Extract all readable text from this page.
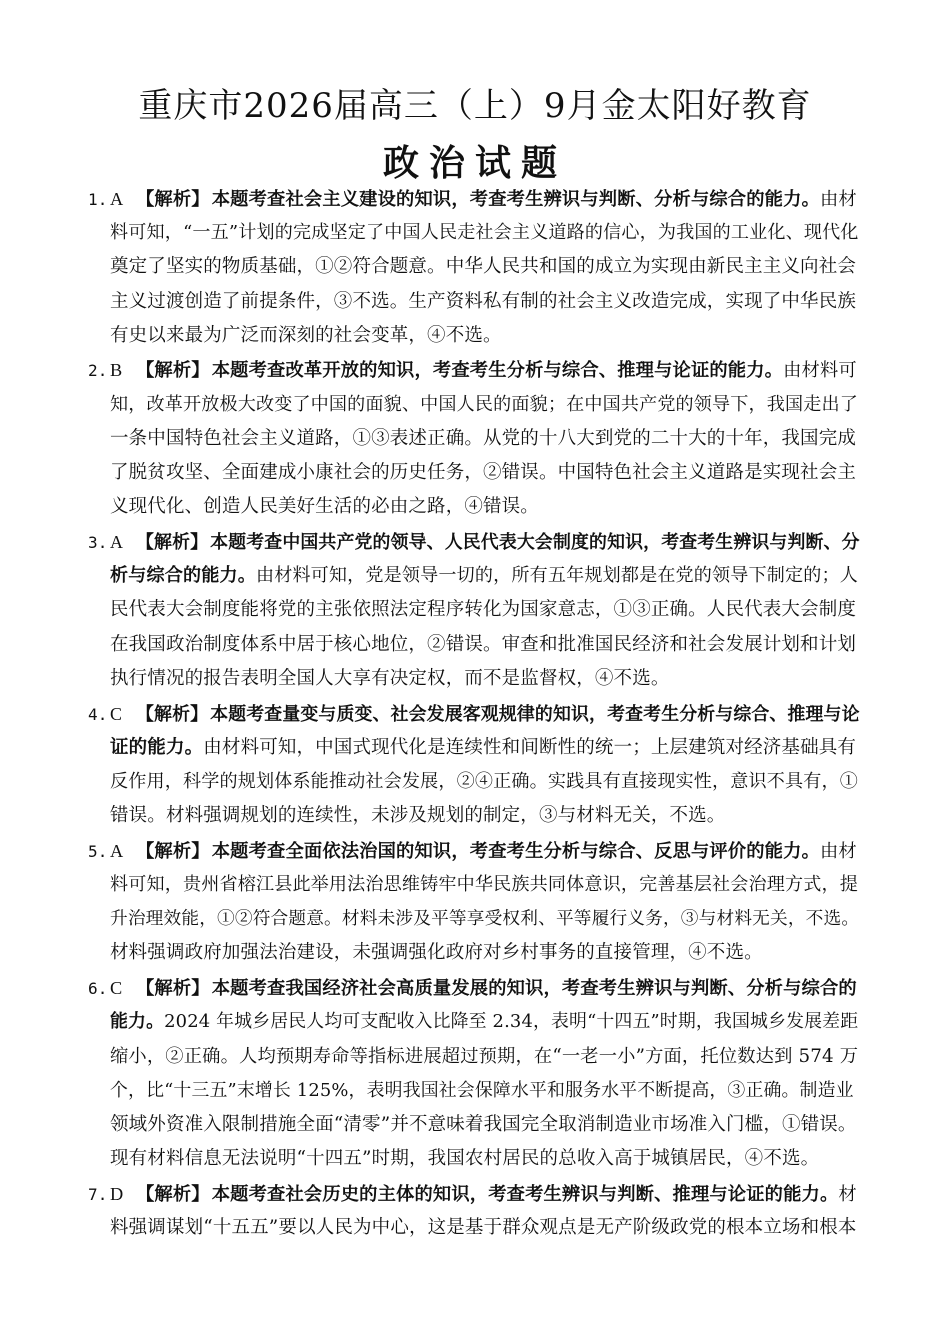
重庆市2026届高三（上）9月金太阳好教育
政治试题
1. A 【解析】 本题考查社会主义建设的知识，考查考生辨识与判断、分析与综合的能力。由材
料可知，“一五”计划的完成坚定了中国人民走社会主义道路的信心，为我国的工业化、现代化
奠定了坚实的物质基础，①②符合题意。中华人民共和国的成立为实现由新民主主义向社会
主义过渡创造了前提条件，③不选。生产资料私有制的社会主义改造完成，实现了中华民族
有史以来最为广泛而深刻的社会变革，④不选。
2. B 【解析】 本题考查改革开放的知识，考查考生分析与综合、推理与论证的能力。由材料可
知，改革开放极大改变了中国的面貌、中国人民的面貌；在中国共产党的领导下，我国走出了
一条中国特色社会主义道路，①③表述正确。从党的十八大到党的二十大的十年，我国完成
了脱贫攻坚、全面建成小康社会的历史任务，②错误。中国特色社会主义道路是实现社会主
义现代化、创造人民美好生活的必由之路，④错误。
3. A 【解析】 本题考查中国共产党的领导、人民代表大会制度的知识，考查考生辨识与判断、分
析与综合的能力。由材料可知，党是领导一切的，所有五年规划都是在党的领导下制定的；人
民代表大会制度能将党的主张依照法定程序转化为国家意志，①③正确。人民代表大会制度
在我国政治制度体系中居于核心地位，②错误。审查和批准国民经济和社会发展计划和计划
执行情况的报告表明全国人大享有决定权，而不是监督权，④不选。
4. C 【解析】 本题考查量变与质变、社会发展客观规律的知识，考查考生分析与综合、推理与论
证的能力。由材料可知，中国式现代化是连续性和间断性的统一；上层建筑对经济基础具有
反作用，科学的规划体系能推动社会发展，②④正确。实践具有直接现实性，意识不具有，①
错误。材料强调规划的连续性，未涉及规划的制定，③与材料无关，不选。
5. A 【解析】 本题考查全面依法治国的知识，考查考生分析与综合、反思与评价的能力。由材
料可知，贵州省榕江县此举用法治思维铸牢中华民族共同体意识，完善基层社会治理方式，提
升治理效能，①②符合题意。材料未涉及平等享受权利、平等履行义务，③与材料无关，不选。
材料强调政府加强法治建设，未强调强化政府对乡村事务的直接管理，④不选。
6. C 【解析】 本题考查我国经济社会高质量发展的知识，考查考生辨识与判断、分析与综合的
能力。2024 年城乡居民人均可支配收入比降至 2.34，表明“十四五”时期，我国城乡发展差距
缩小，②正确。人均预期寿命等指标进展超过预期，在“一老一小”方面，托位数达到 574 万
个，比“十三五”末增长 125%，表明我国社会保障水平和服务水平不断提高，③正确。制造业
领域外资准入限制措施全面“清零”并不意味着我国完全取消制造业市场准入门槛，①错误。
现有材料信息无法说明“十四五”时期，我国农村居民的总收入高于城镇居民，④不选。
7. D 【解析】 本题考查社会历史的主体的知识，考查考生辨识与判断、推理与论证的能力。材
料强调谋划“十五五”要以人民为中心，这是基于群众观点是无产阶级政党的根本立场和根本
